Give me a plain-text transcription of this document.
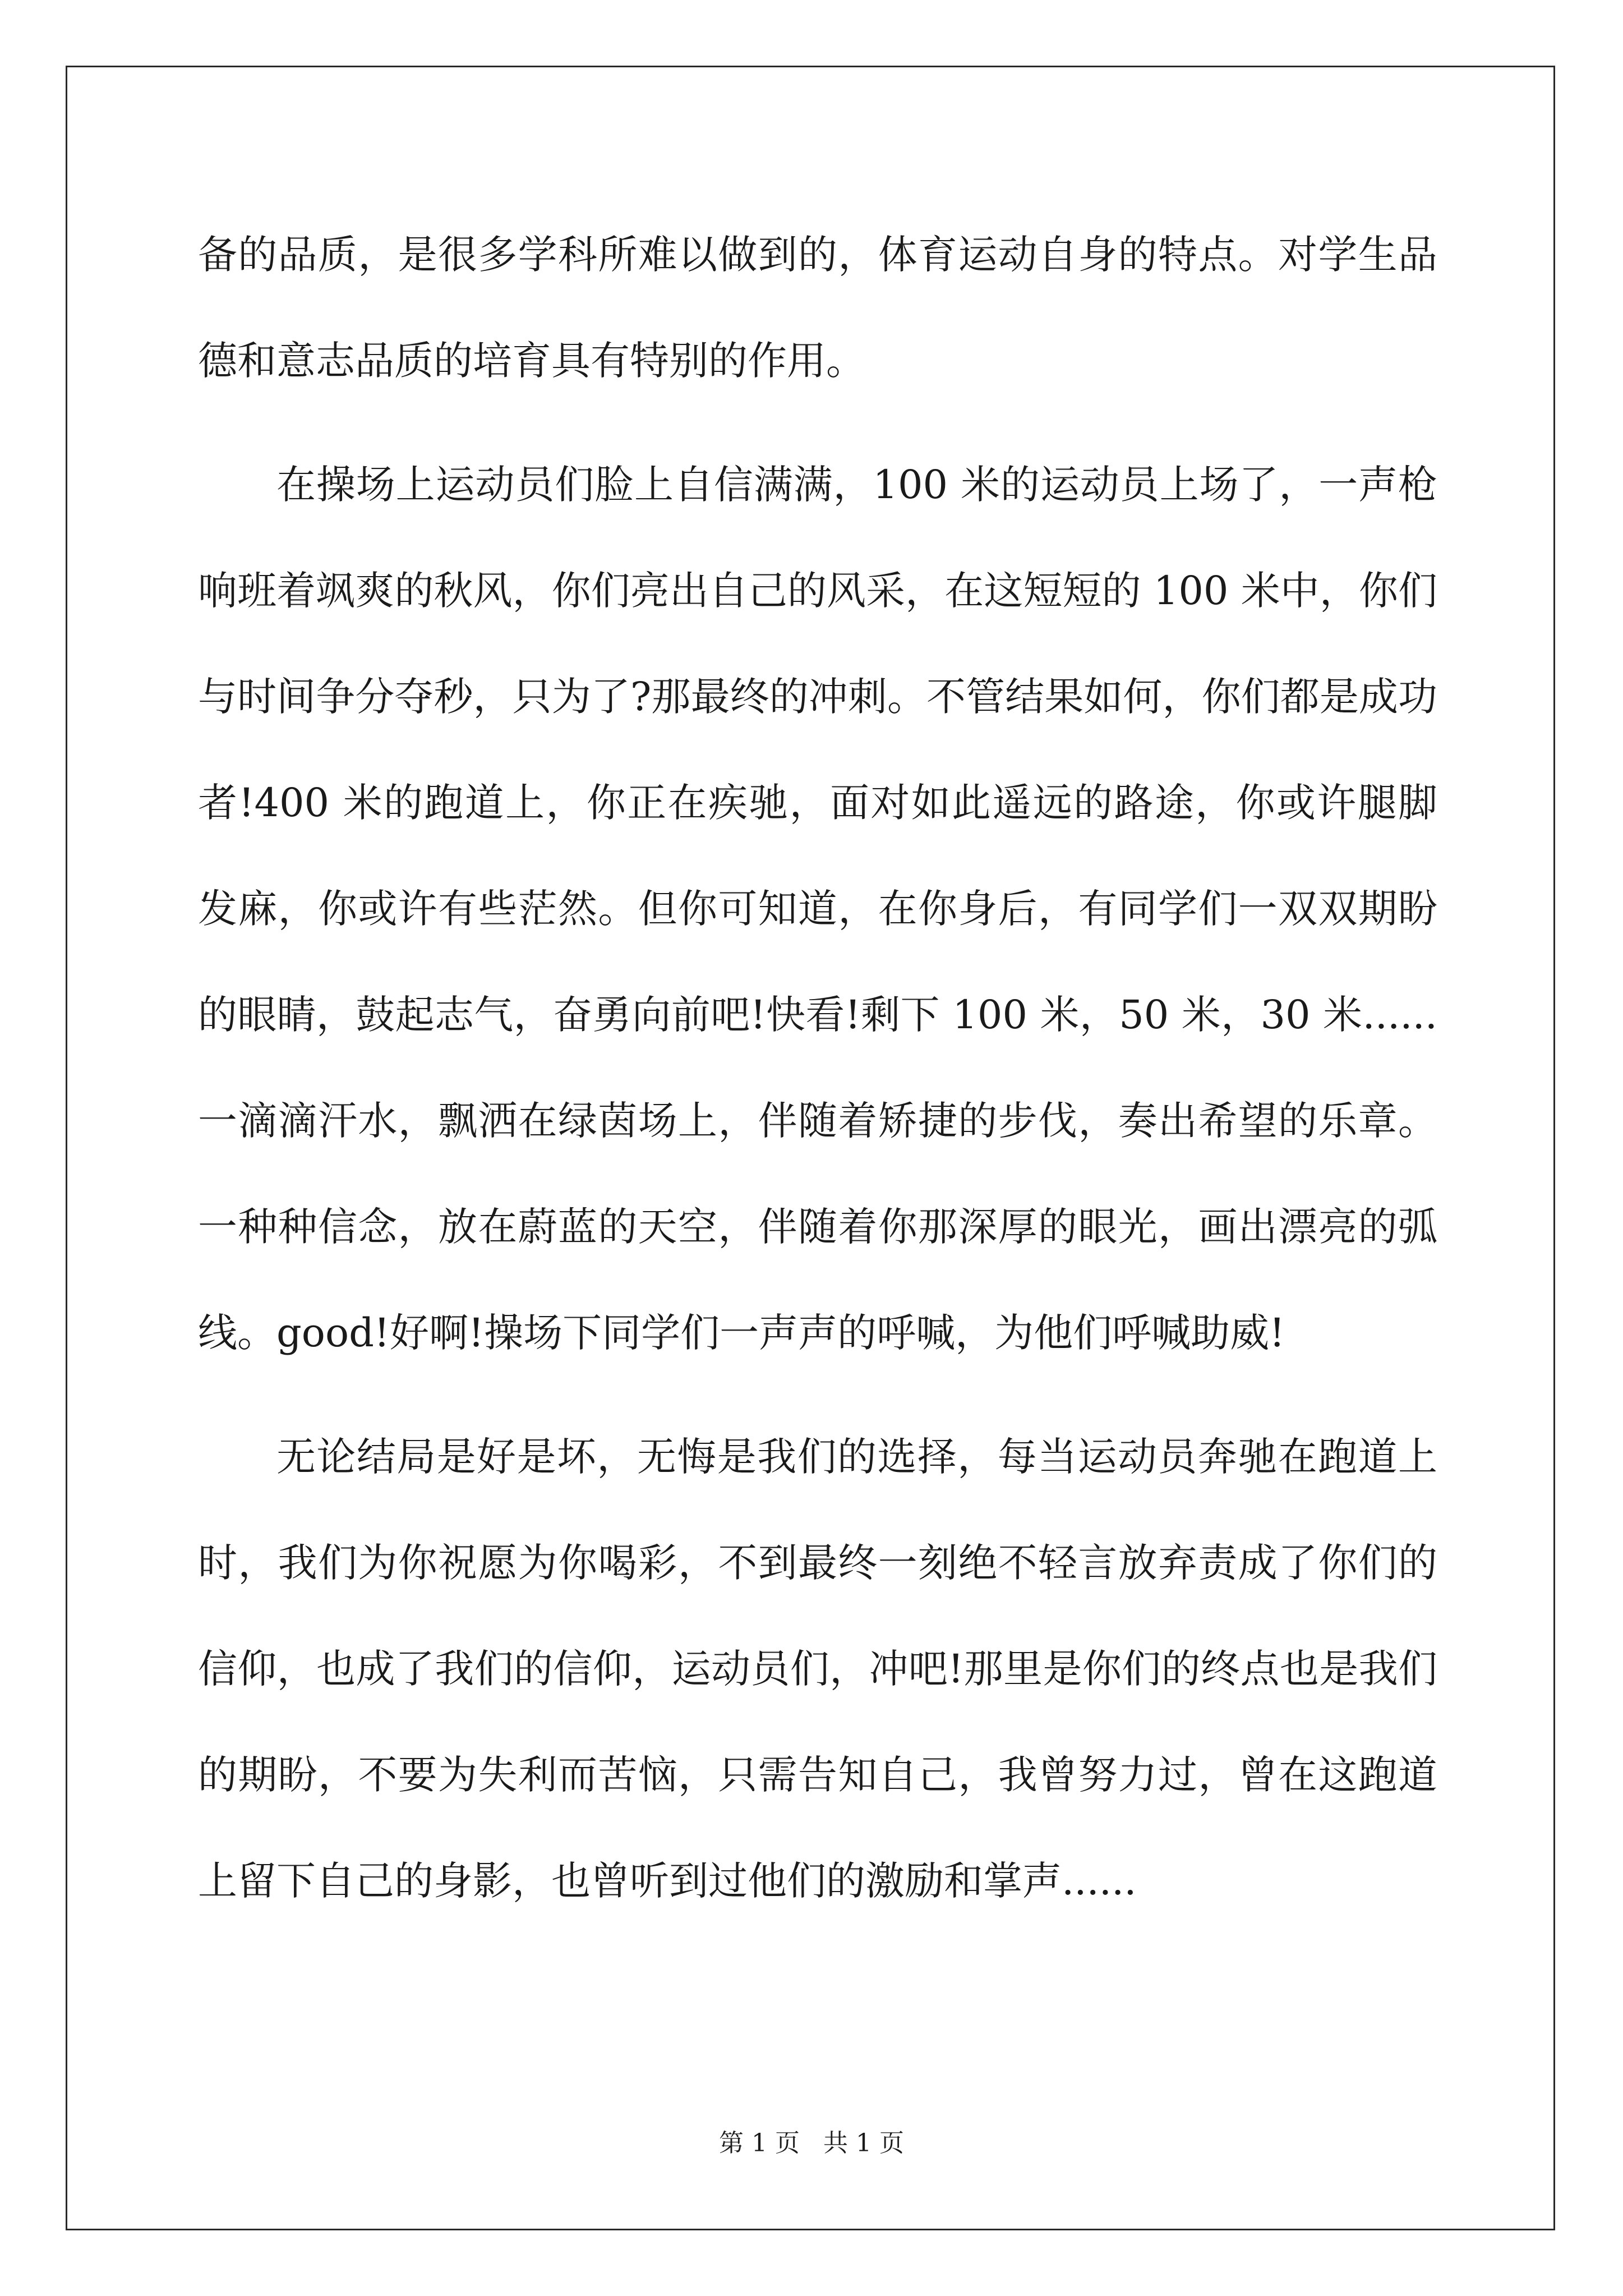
备的品质，是很多学科所难以做到的，体育运动自身的特点。对学生品德和意志品质的培育具有特别的作用。

在操场上运动员们脸上自信满满，100 米的运动员上场了，一声枪响班着飒爽的秋风，你们亮出自己的风采，在这短短的 100 米中，你们与时间争分夺秒，只为了?那最终的冲刺。不管结果如何，你们都是成功者!400 米的跑道上，你正在疾驰，面对如此遥远的路途，你或许腿脚发麻，你或许有些茫然。但你可知道，在你身后，有同学们一双双期盼的眼睛，鼓起志气，奋勇向前吧!快看!剩下 100 米，50 米，30 米......一滴滴汗水，飘洒在绿茵场上，伴随着矫捷的步伐，奏出希望的乐章。一种种信念，放在蔚蓝的天空，伴随着你那深厚的眼光，画出漂亮的弧线。good!好啊!操场下同学们一声声的呼喊，为他们呼喊助威!

无论结局是好是坏，无悔是我们的选择，每当运动员奔驰在跑道上时，我们为你祝愿为你喝彩，不到最终一刻绝不轻言放弃责成了你们的信仰，也成了我们的信仰，运动员们，冲吧!那里是你们的终点也是我们的期盼，不要为失利而苦恼，只需告知自己，我曾努力过，曾在这跑道上留下自己的身影，也曾听到过他们的激励和掌声......

第 1 页 共 1 页
